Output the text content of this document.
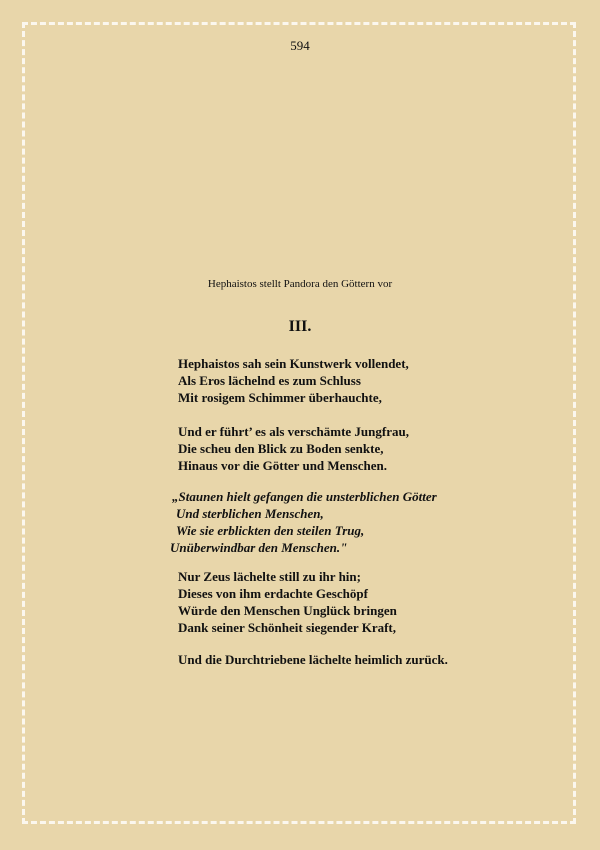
594
Hephaistos stellt Pandora den Göttern vor
III.
Hephaistos sah sein Kunstwerk vollendet,
Als Eros lächelnd es zum Schluss
Mit rosigem Schimmer überhauchte,
Und er führt’ es als verschämte Jungfrau,
Die scheu den Blick zu Boden senkte,
Hinaus vor die Götter und Menschen.
„Staunen hielt gefangen die unsterblichen Götter
Und sterblichen Menschen,
Wie sie erblickten den steilen Trug,
Unüberwindbar den Menschen."
Nur Zeus lächelte still zu ihr hin;
Dieses von ihm erdachte Geschöpf
Würde den Menschen Unglück bringen
Dank seiner Schönheit siegender Kraft,
Und die Durchtriebene lächelte heimlich zurück.
